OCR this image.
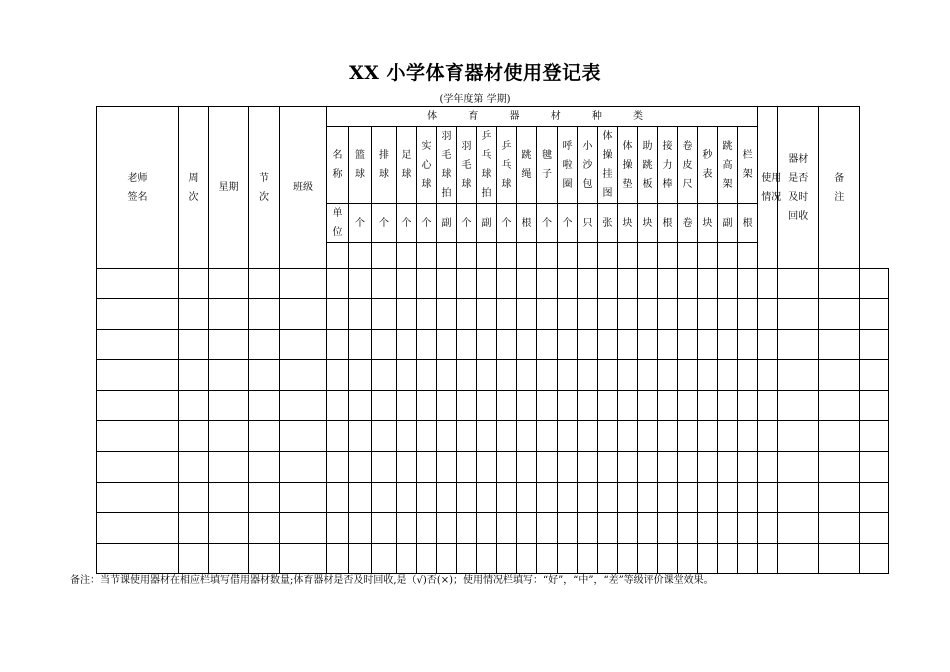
XX 小学体育器材使用登记表
(学年度第 学期)
老师签名	周次	星期	节次	班级	体 育 器 材 种 类																					使用情况	器材是否及时回收	备注	
					名称	篮球	排球	足球	实心球	羽毛球拍	羽毛球	乒乓球拍	乒乓球	跳绳	毽子	呼啦圈	小沙包	体操挂图	体操垫	助跳板	接力棒	卷皮尺	秒表	跳高架	栏架				
					单位	个	个	个	个	副	个	副	个	根	个	个	只	张	块	块	根	卷	块	副	根				

备注：当节课使用器材在相应栏填写借用器材数量;体育器材是否及时回收,是（√)否(×)；使用情况栏填写：“好”，“中”，“差”等级评价课堂效果。
